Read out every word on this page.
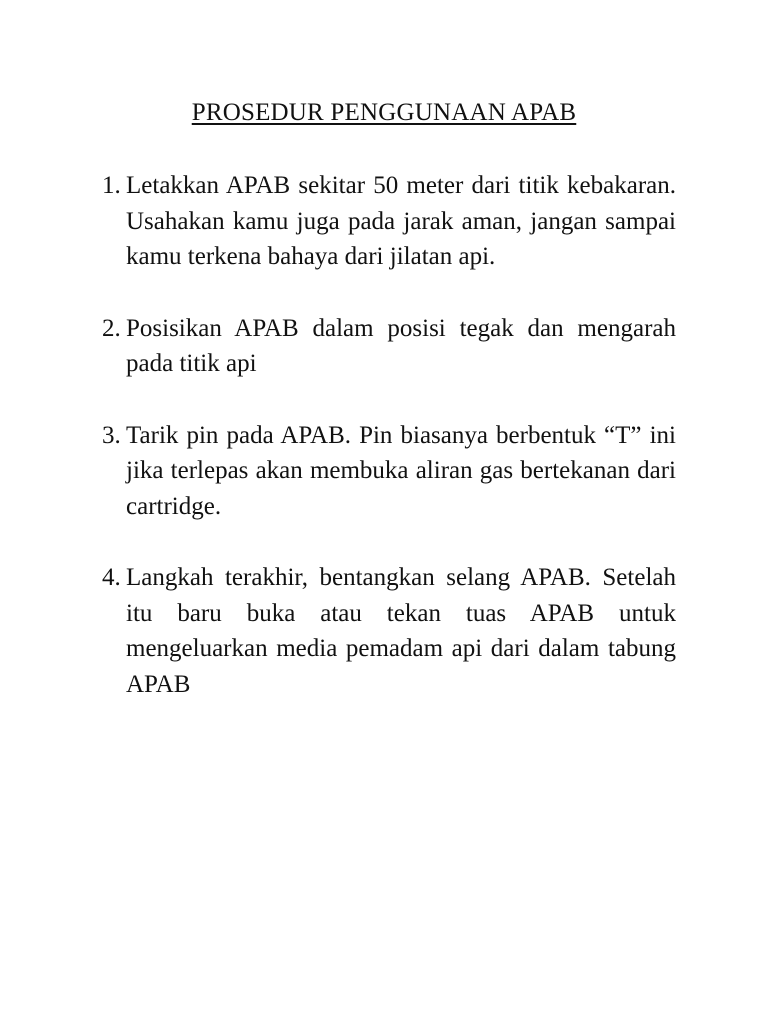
PROSEDUR PENGGUNAAN APAB
1. Letakkan APAB sekitar 50 meter dari titik kebakaran. Usahakan kamu juga pada jarak aman, jangan sampai kamu terkena bahaya dari jilatan api.
2. Posisikan APAB dalam posisi tegak dan mengarah pada titik api
3. Tarik pin pada APAB. Pin biasanya berbentuk “T” ini jika terlepas akan membuka aliran gas bertekanan dari cartridge.
4. Langkah terakhir, bentangkan selang APAB. Setelah itu baru buka atau tekan tuas APAB untuk mengeluarkan media pemadam api dari dalam tabung APAB
